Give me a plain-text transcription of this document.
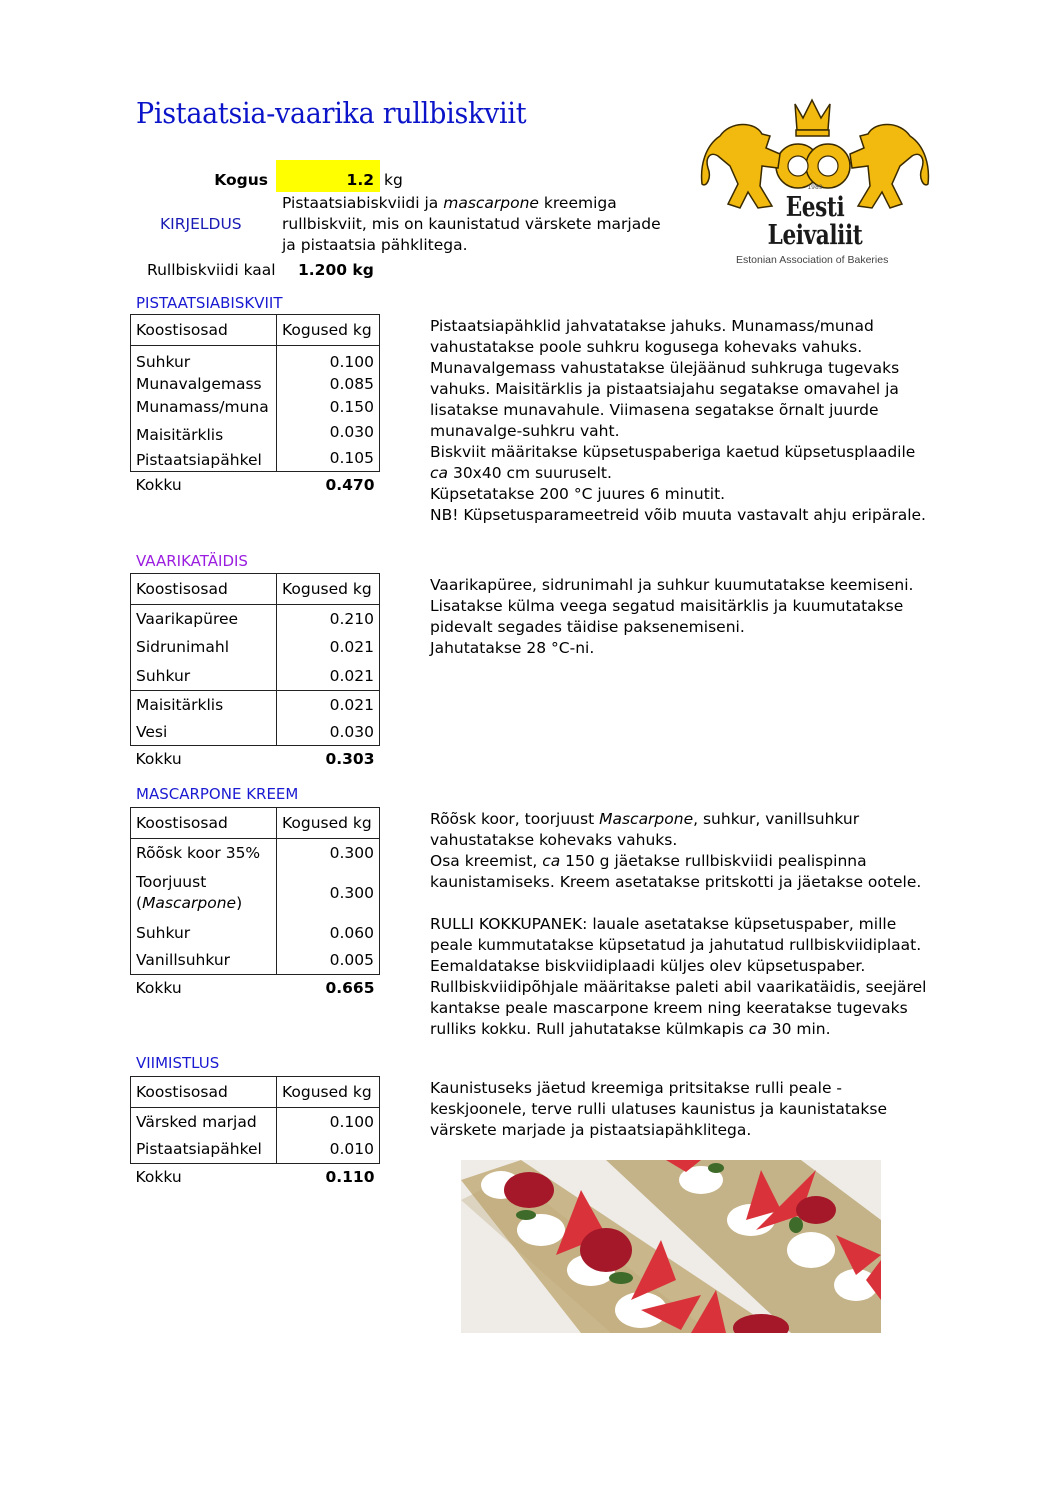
Pistaatsia-vaarika rullbiskviit
Kogus	1.2 kg
KIRJELDUS
Pistaatsiabiskviidi ja mascarpone kreemiga rullbiskviit, mis on kaunistatud värskete marjade ja pistaatsia pähklitega.
Rullbiskviidi kaal 1.200 kg
1989
Eesti
Leivaliit
Estonian Association of Bakeries
PISTAATSIABISKVIIT
Koostisosad	Kogused kg
Suhkur	0.100
Munavalgemass	0.085
Munamass/muna	0.150
Maisitärklis	0.030
Pistaatsiapähkel	0.105
Kokku	0.470

Pistaatsiapähklid jahvatatakse jahuks. Munamass/munad vahustatakse poole suhkru kogusega kohevaks vahuks. Munavalgemass vahustatakse ülejäänud suhkruga tugevaks vahuks. Maisitärklis ja pistaatsiajahu segatakse omavahel ja lisatakse munavahule. Viimasena segatakse õrnalt juurde munavalge-suhkru vaht.

Biskviit määritakse küpsetuspaberiga kaetud küpsetusplaadile
ca 30x40 cm suuruselt.

Küpsetatakse 200 °C juures 6 minutit.

NB! Küpsetusparameetreid võib muuta vastavalt ahju eripärale.

VAARIKATÄIDIS
Koostisosad	Kogused kg
Vaarikapüree	0.210
Sidrunimahl	0.021
Suhkur	0.021
Maisitärklis	0.021
Vesi	0.030
Kokku	0.303

Vaarikapüree, sidrunimahl ja suhkur kuumutatakse keemiseni. Lisatakse külma veega segatud maisitärklis ja kuumutatakse pidevalt segades täidise paksenemiseni.

Jahutatakse 28 °C-ni.

MASCARPONE KREEM
Koostisosad	Kogused kg
Rõõsk koor 35%	0.300
Toorjuust
(Mascarpone)	0.300
Suhkur	0.060
Vanillsuhkur	0.005
Kokku	0.665

Rõõsk koor, toorjuust Mascarpone, suhkur, vanillsuhkur vahustatakse kohevaks vahuks.

Osa kreemist, ca 150 g jäetakse rullbiskviidi pealispinna kaunistamiseks. Kreem asetatakse pritskotti ja jäetakse ootele.

RULLI KOKKUPANEK: lauale asetatakse küpsetuspaber, mille peale kummutatakse küpsetatud ja jahutatud rullbiskviidiplaat. Eemaldatakse biskviidiplaadi küljes olev küpsetuspaber. Rullbiskviidipõhjale määritakse paleti abil vaarikatäidis, seejärel kantakse peale mascarpone kreem ning keeratakse tugevaks rulliks kokku. Rull jahutatakse külmkapis ca 30 min.

VIIMISTLUS
Koostisosad	Kogused kg
Värsked marjad	0.100
Pistaatsiapähkel	0.010
Kokku	0.110

Kaunistuseks jäetud kreemiga pritsitakse rulli peale - keskjoonele, terve rulli ulatuses kaunistus ja kaunistatakse värskete marjade ja pistaatsiapähklitega.
